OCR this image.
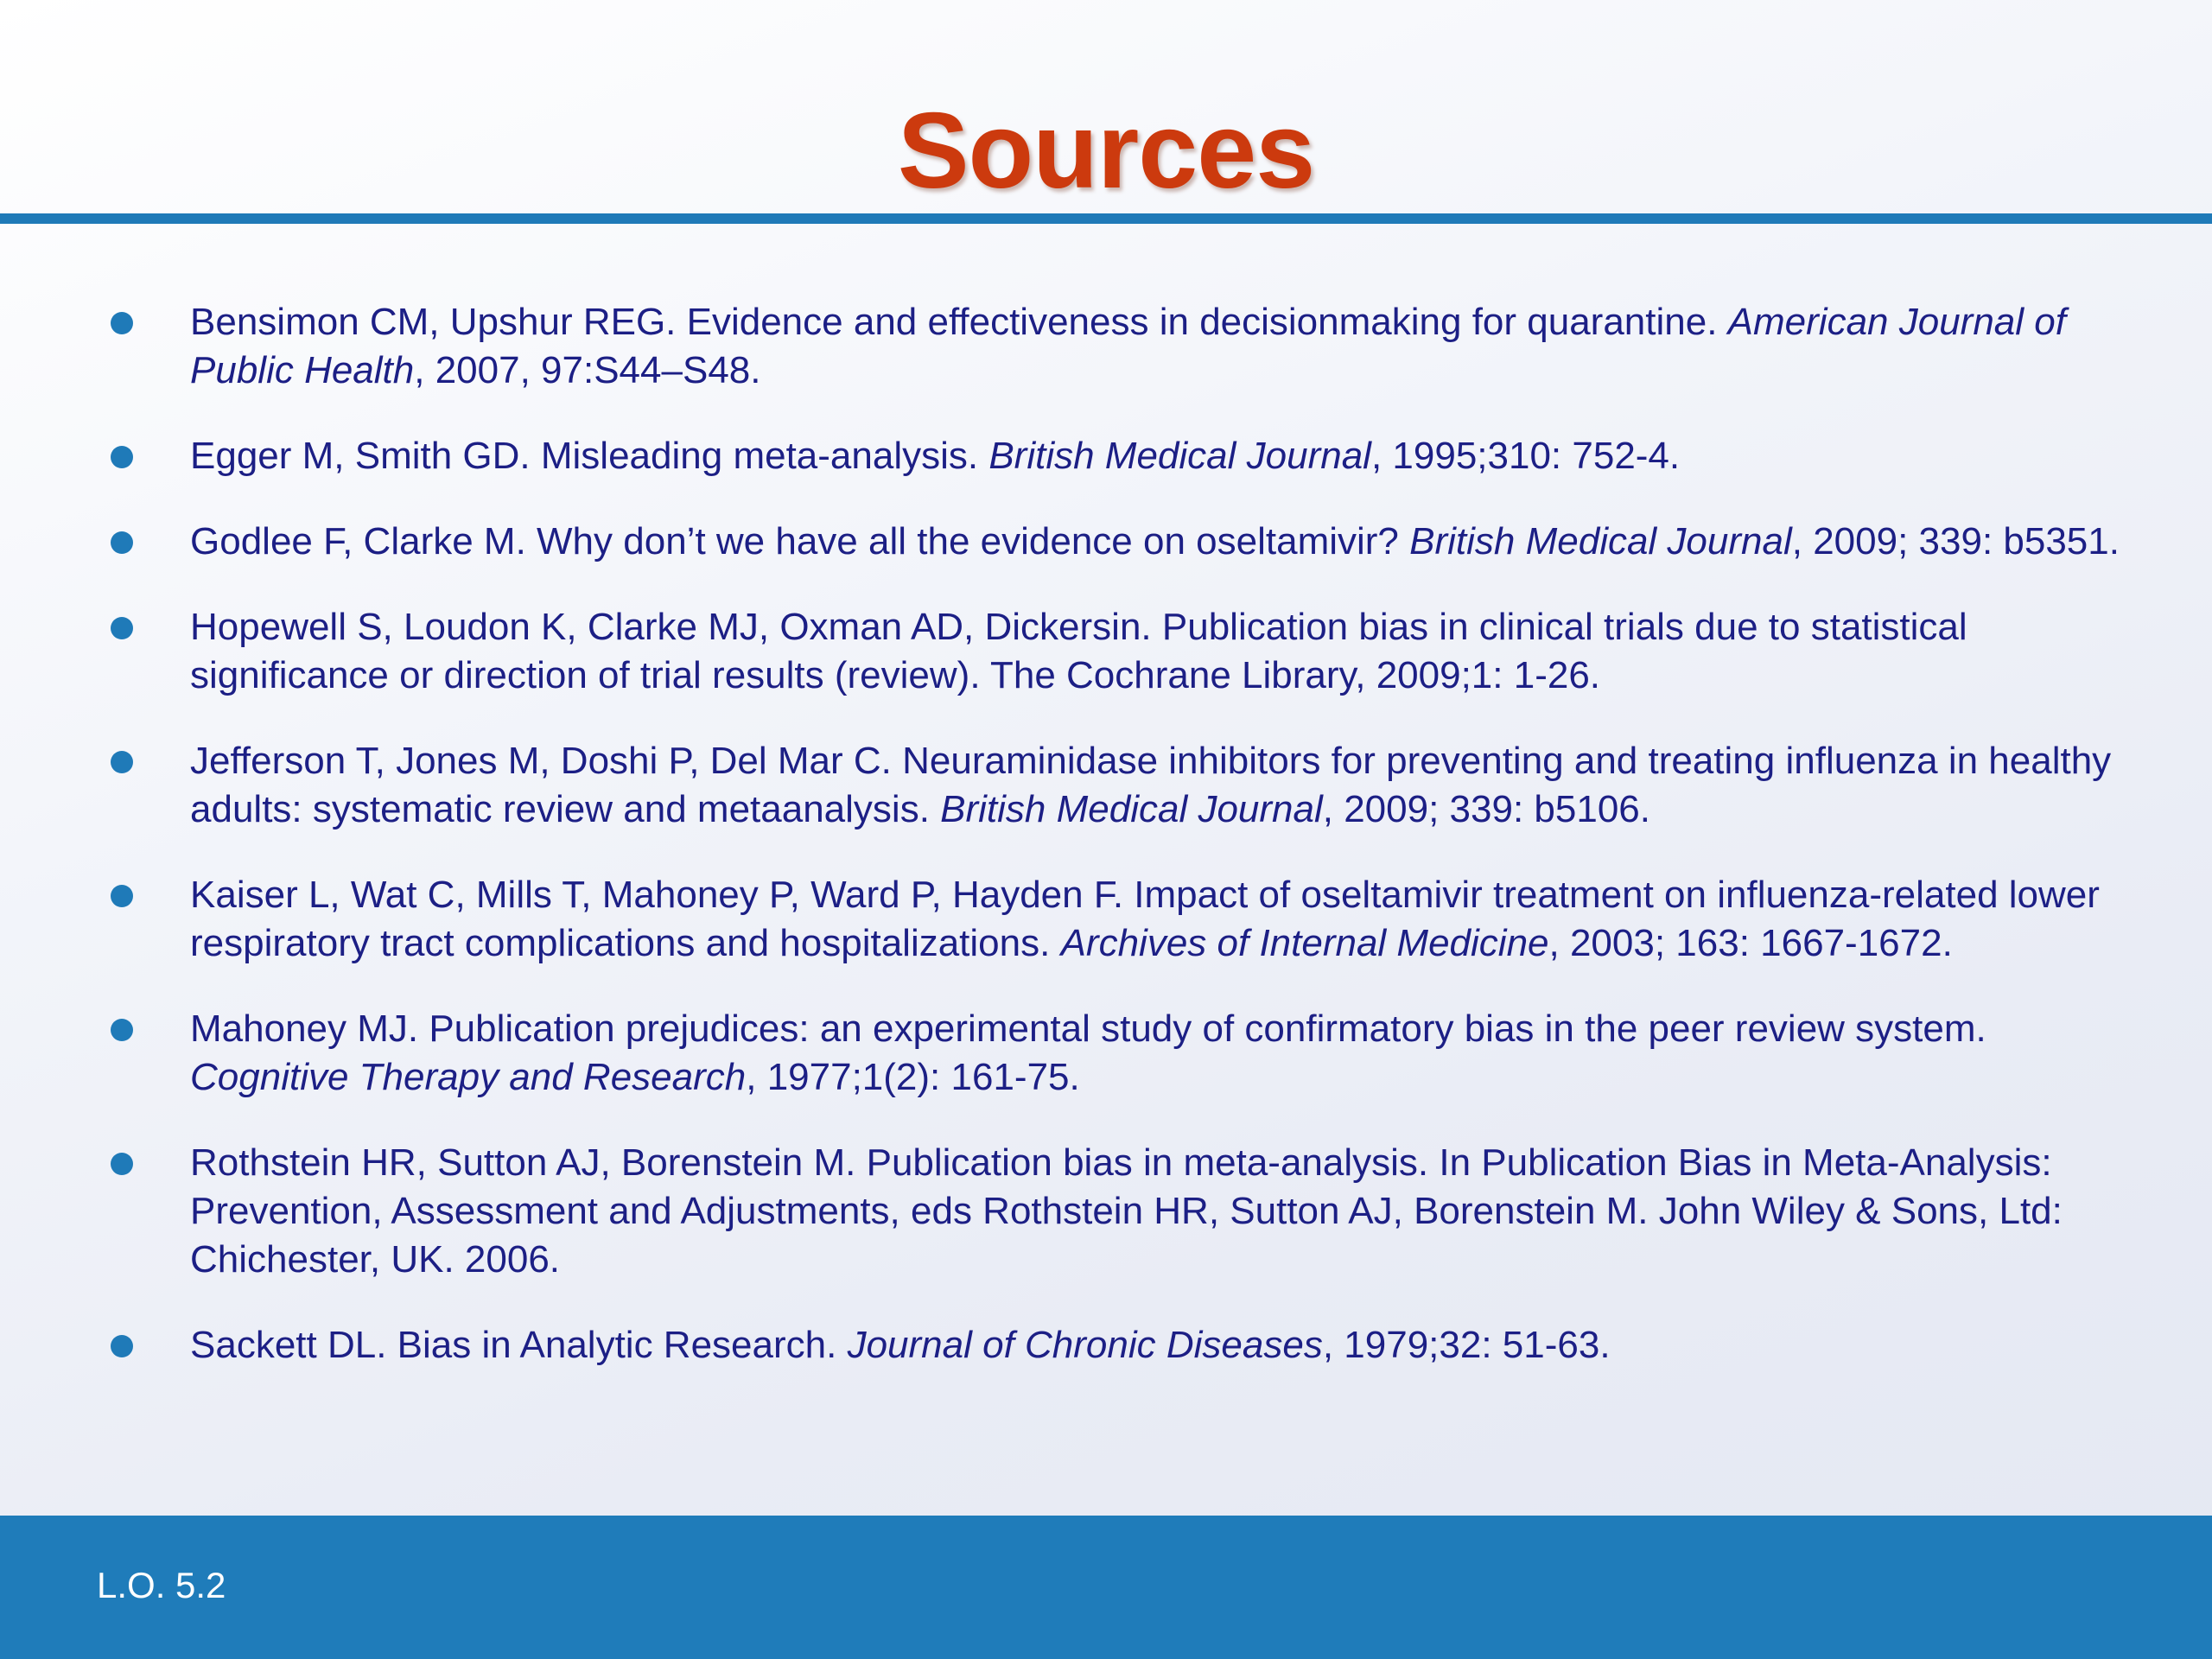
Sources
Bensimon CM, Upshur REG. Evidence and effectiveness in decisionmaking for quarantine. American Journal of Public Health, 2007, 97:S44–S48.
Egger M, Smith GD. Misleading meta-analysis. British Medical Journal, 1995;310: 752-4.
Godlee F, Clarke M. Why don’t we have all the evidence on oseltamivir? British Medical Journal, 2009; 339: b5351.
Hopewell S, Loudon K, Clarke MJ, Oxman AD, Dickersin. Publication bias in clinical trials due to statistical significance or direction of trial results (review). The Cochrane Library, 2009;1: 1-26.
Jefferson T, Jones M, Doshi P, Del Mar C. Neuraminidase inhibitors for preventing and treating influenza in healthy adults: systematic review and metaanalysis. British Medical Journal, 2009; 339: b5106.
Kaiser L, Wat C, Mills T, Mahoney P, Ward P, Hayden F. Impact of oseltamivir treatment on influenza-related lower respiratory tract complications and hospitalizations. Archives of Internal Medicine, 2003; 163: 1667-1672.
Mahoney MJ. Publication prejudices: an experimental study of confirmatory bias in the peer review system. Cognitive Therapy and Research, 1977;1(2): 161-75.
Rothstein HR, Sutton AJ, Borenstein M. Publication bias in meta-analysis. In Publication Bias in Meta-Analysis: Prevention, Assessment and Adjustments, eds Rothstein HR, Sutton AJ, Borenstein M. John Wiley & Sons, Ltd: Chichester, UK. 2006.
Sackett DL. Bias in Analytic Research. Journal of Chronic Diseases, 1979;32: 51-63.
L.O. 5.2
